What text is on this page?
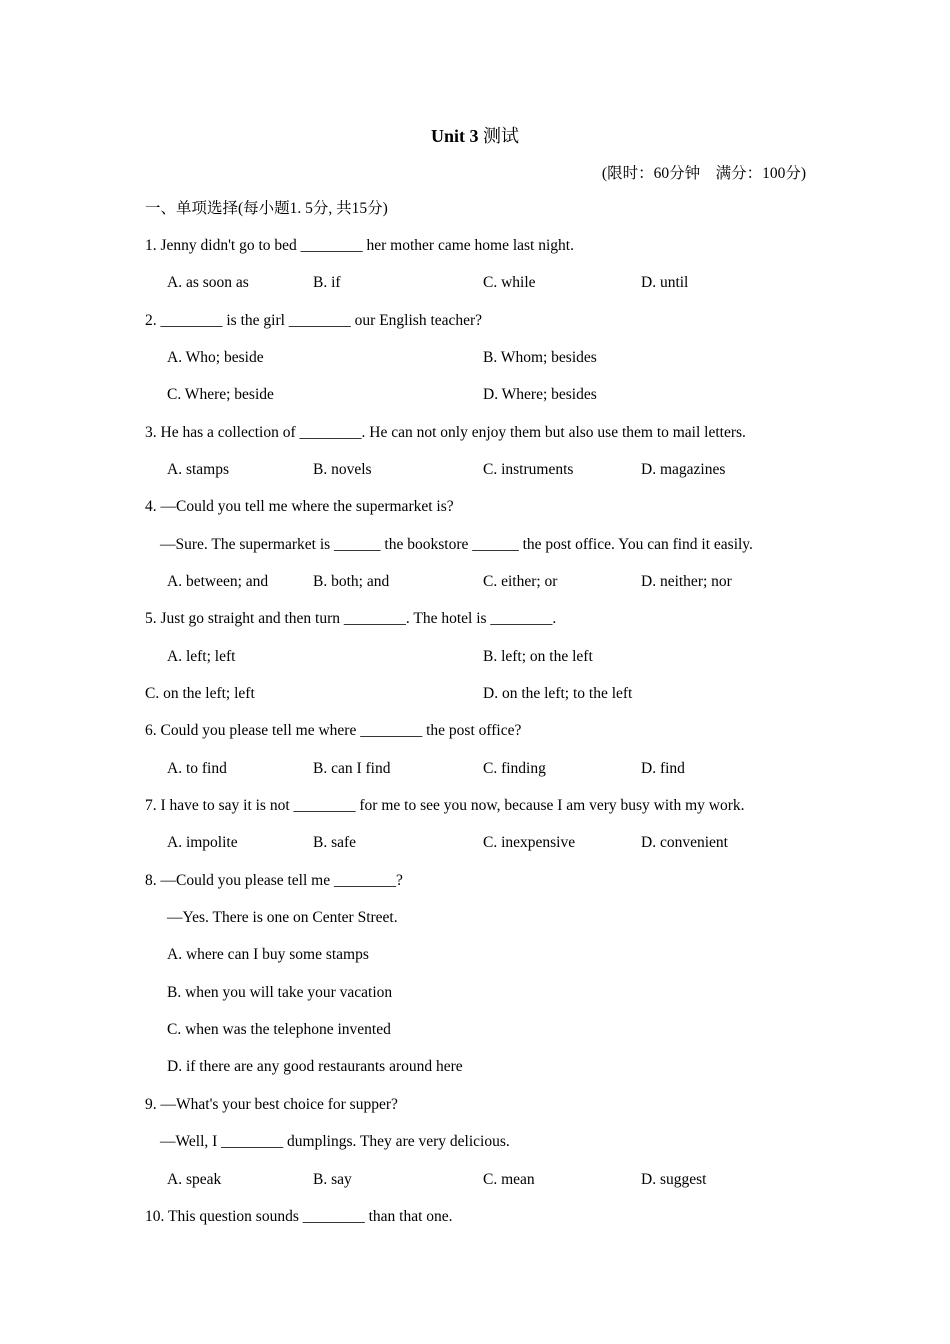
Unit 3 测试
(限时：60分钟　满分：100分)
一、单项选择(每小题1. 5分, 共15分)
1. Jenny didn't go to bed ________ her mother came home last night.
A. as soon as	B. if	C. while	D. until
2. ________ is the girl ________ our English teacher?
A. Who; beside	B. Whom; besides
C. Where; beside	D. Where; besides
3. He has a collection of ________. He can not only enjoy them but also use them to mail letters.
A. stamps	B. novels	C. instruments	D. magazines
4. —Could you tell me where the supermarket is?
—Sure. The supermarket is ______ the bookstore ______ the post office. You can find it easily.
A. between; and	B. both; and	C. either; or	D. neither; nor
5. Just go straight and then turn ________. The hotel is ________.
A. left; left	B. left; on the left
C. on the left; left	D. on the left; to the left
6. Could you please tell me where ________ the post office?
A. to find	B. can I find	C. finding	D. find
7. I have to say it is not ________ for me to see you now, because I am very busy with my work.
A. impolite	B. safe	C. inexpensive	D. convenient
8. —Could you please tell me ________?
—Yes. There is one on Center Street.
A. where can I buy some stamps
B. when you will take your vacation
C. when was the telephone invented
D. if there are any good restaurants around here
9. —What's your best choice for supper?
—Well, I ________ dumplings. They are very delicious.
A. speak	B. say	C. mean	D. suggest
10. This question sounds ________ than that one.
